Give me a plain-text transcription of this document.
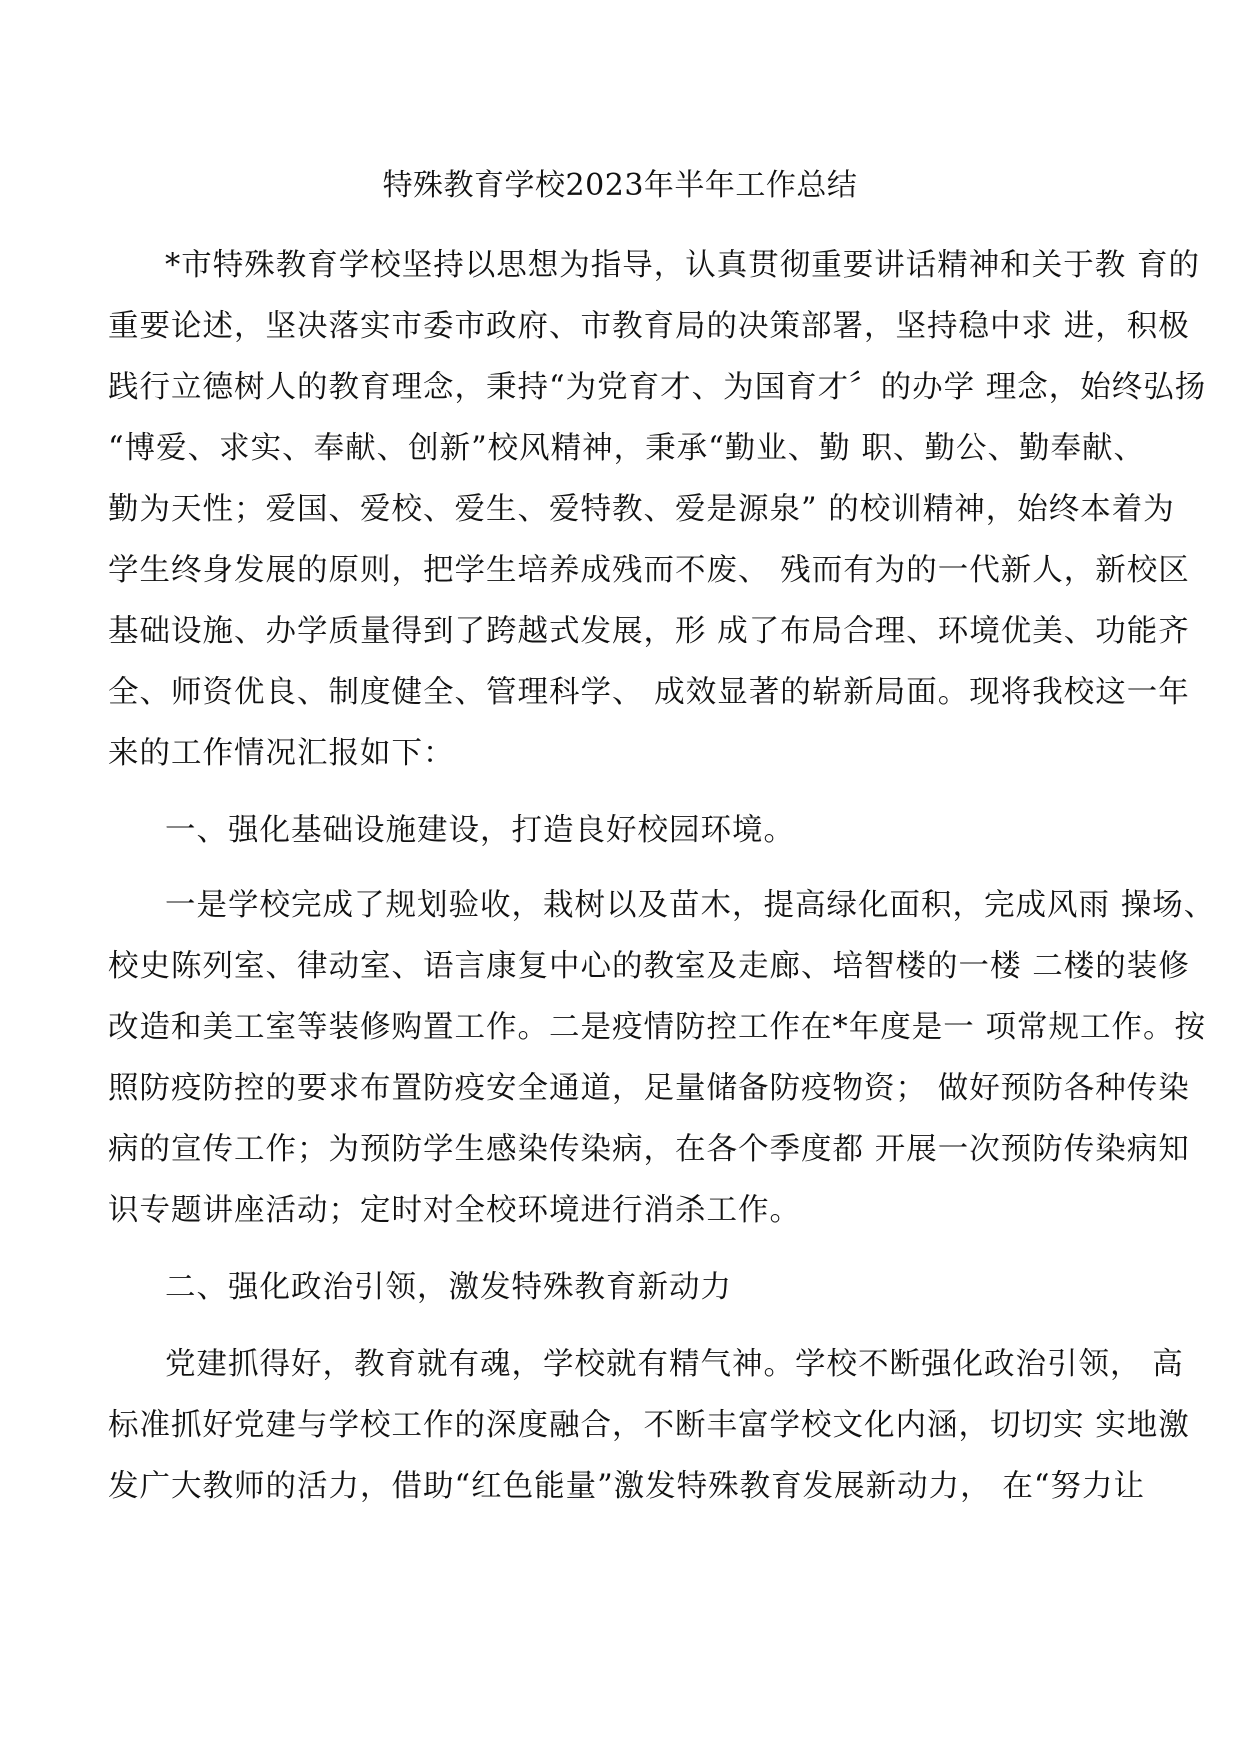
特殊教育学校2023年半年工作总结
*市特殊教育学校坚持以思想为指导，认真贯彻重要讲话精神和关于教 育的
重要论述，坚决落实市委市政府、市教育局的决策部署，坚持稳中求 进，积极
践行立德树人的教育理念，秉持“为党育才、为国育才〞的办学 理念，始终弘扬
“博爱、求实、奉献、创新”校风精神，秉承“勤业、勤 职、勤公、勤奉献、
勤为天性；爱国、爱校、爱生、爱特教、爱是源泉” 的校训精神，始终本着为
学生终身发展的原则，把学生培养成残而不废、 残而有为的一代新人，新校区
基础设施、办学质量得到了跨越式发展，形 成了布局合理、环境优美、功能齐
全、师资优良、制度健全、管理科学、 成效显著的崭新局面。现将我校这一年
来的工作情况汇报如下：
一、强化基础设施建设，打造良好校园环境。
一是学校完成了规划验收，栽树以及苗木，提高绿化面积，完成风雨 操场、
校史陈列室、律动室、语言康复中心的教室及走廊、培智楼的一楼 二楼的装修
改造和美工室等装修购置工作。二是疫情防控工作在*年度是一 项常规工作。按
照防疫防控的要求布置防疫安全通道，足量储备防疫物资； 做好预防各种传染
病的宣传工作；为预防学生感染传染病，在各个季度都 开展一次预防传染病知
识专题讲座活动；定时对全校环境进行消杀工作。
二、强化政治引领，激发特殊教育新动力
党建抓得好，教育就有魂，学校就有精气神。学校不断强化政治引领， 高
标准抓好党建与学校工作的深度融合，不断丰富学校文化内涵，切切实 实地激
发广大教师的活力，借助“红色能量”激发特殊教育发展新动力， 在“努力让
